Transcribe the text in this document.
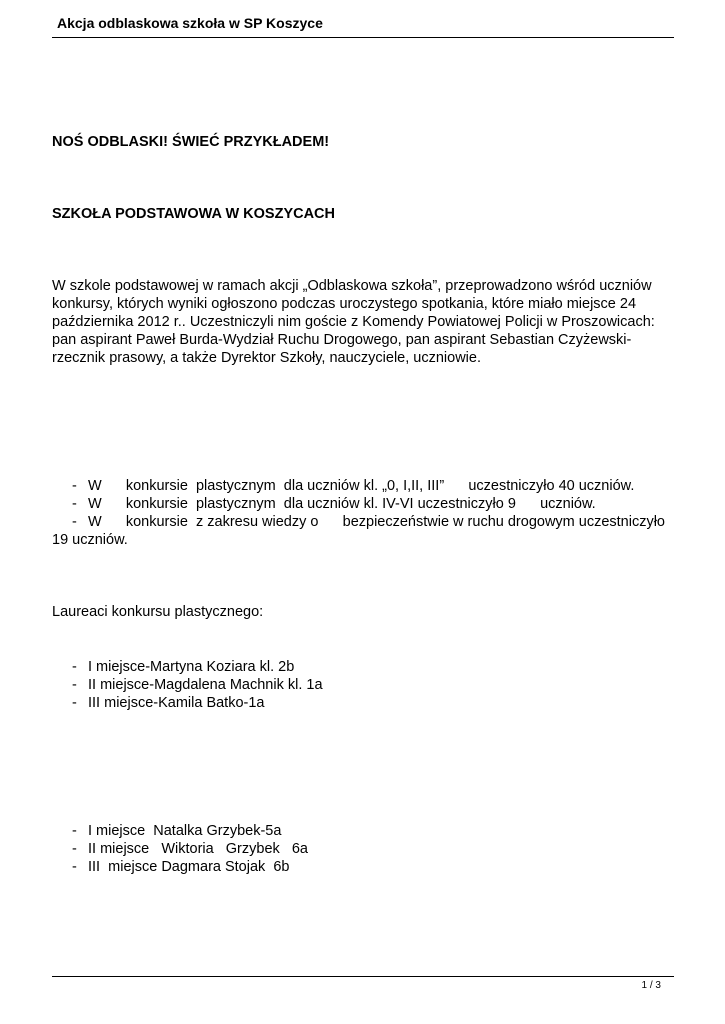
Akcja odblaskowa szkoła w SP Koszyce
NOŚ ODBLASKI! ŚWIEĆ PRZYKŁADEM!
SZKOŁA PODSTAWOWA W KOSZYCACH
W szkole podstawowej w ramach akcji „Odblaskowa szkoła”, przeprowadzono wśród uczniów
konkursy, których wyniki ogłoszono podczas uroczystego spotkania, które miało miejsce 24
października 2012 r.. Uczestniczyli nim goście z Komendy Powiatowej Policji w Proszowicach:
pan aspirant Paweł Burda-Wydział Ruchu Drogowego, pan aspirant Sebastian Czyżewski-
rzecznik prasowy, a także Dyrektor Szkoły, nauczyciele, uczniowie.
- W      konkursie  plastycznym  dla uczniów kl. „0, I,II, III”      uczestniczyło 40 uczniów.
- W      konkursie  plastycznym  dla uczniów kl. IV-VI uczestniczyło 9      uczniów.
- W      konkursie  z zakresu wiedzy o      bezpieczeństwie w ruchu drogowym uczestniczyło
19 uczniów.
Laureaci konkursu plastycznego:
- I miejsce-Martyna Koziara kl. 2b
- II miejsce-Magdalena Machnik kl. 1a
- III miejsce-Kamila Batko-1a
- I miejsce  Natalka Grzybek-5a
- II miejsce   Wiktoria   Grzybek   6a
- III  miejsce Dagmara Stojak  6b
1 / 3
